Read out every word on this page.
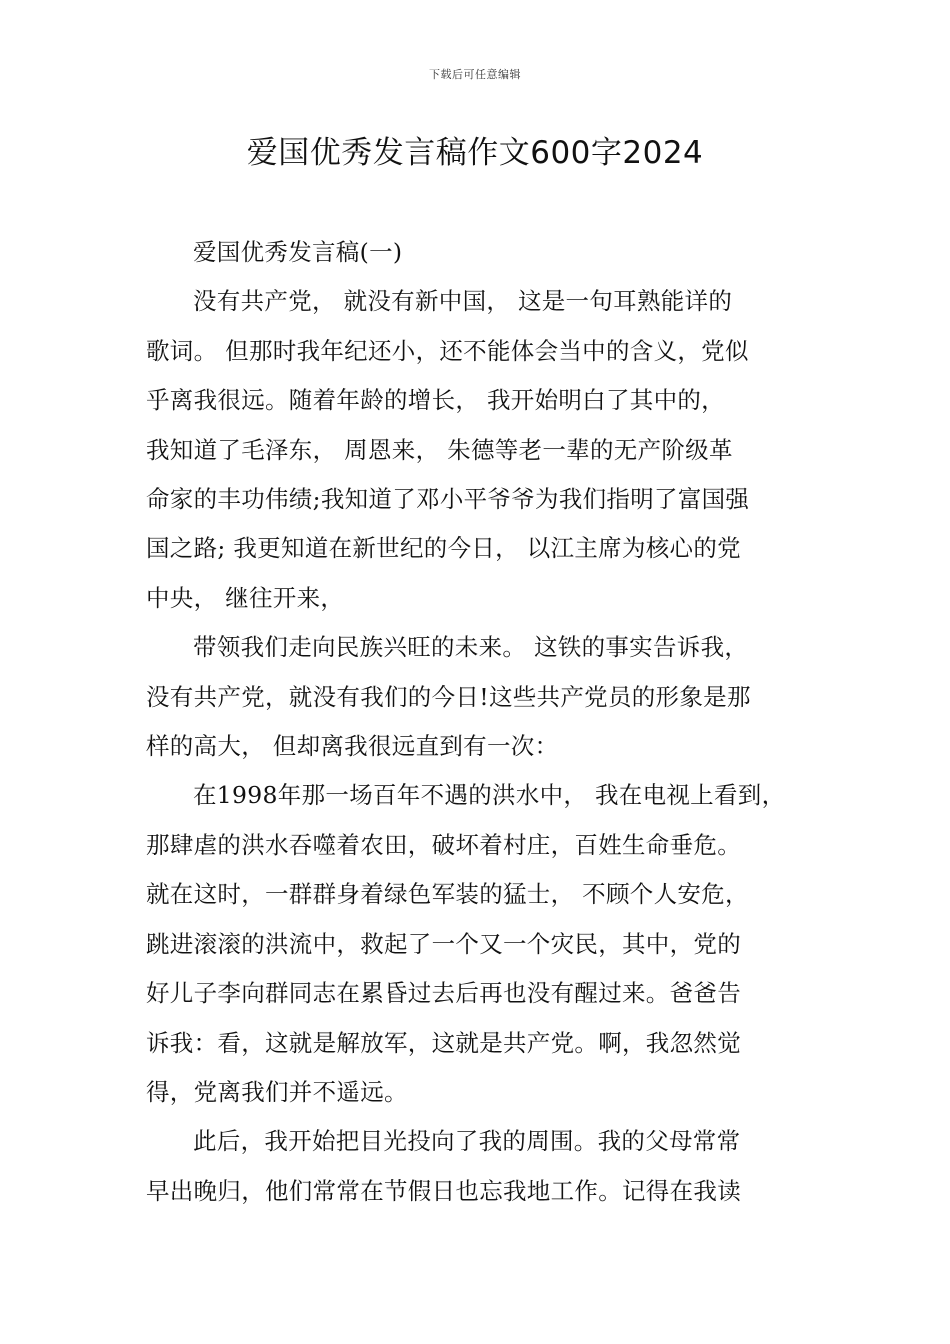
下载后可任意编辑
爱国优秀发言稿作文600字2024

爱国优秀发言稿(一)

没有共产党， 就没有新中国， 这是一句耳熟能详的
歌词。 但那时我年纪还小，还不能体会当中的含义，党似
乎离我很远。随着年龄的增长， 我开始明白了其中的，
我知道了毛泽东， 周恩来， 朱德等老一辈的无产阶级革
命家的丰功伟绩;我知道了邓小平爷爷为我们指明了富国强
国之路; 我更知道在新世纪的今日， 以江主席为核心的党
中央， 继往开来，

带领我们走向民族兴旺的未来。 这铁的事实告诉我，
没有共产党，就没有我们的今日!这些共产党员的形象是那
样的高大， 但却离我很远直到有一次：

在1998年那一场百年不遇的洪水中， 我在电视上看到，
那肆虐的洪水吞噬着农田，破坏着村庄，百姓生命垂危。
就在这时，一群群身着绿色军装的猛士， 不顾个人安危，
跳进滚滚的洪流中，救起了一个又一个灾民，其中，党的
好儿子李向群同志在累昏过去后再也没有醒过来。爸爸告
诉我：看，这就是解放军，这就是共产党。啊，我忽然觉
得，党离我们并不遥远。

此后，我开始把目光投向了我的周围。我的父母常常
早出晚归，他们常常在节假日也忘我地工作。记得在我读
